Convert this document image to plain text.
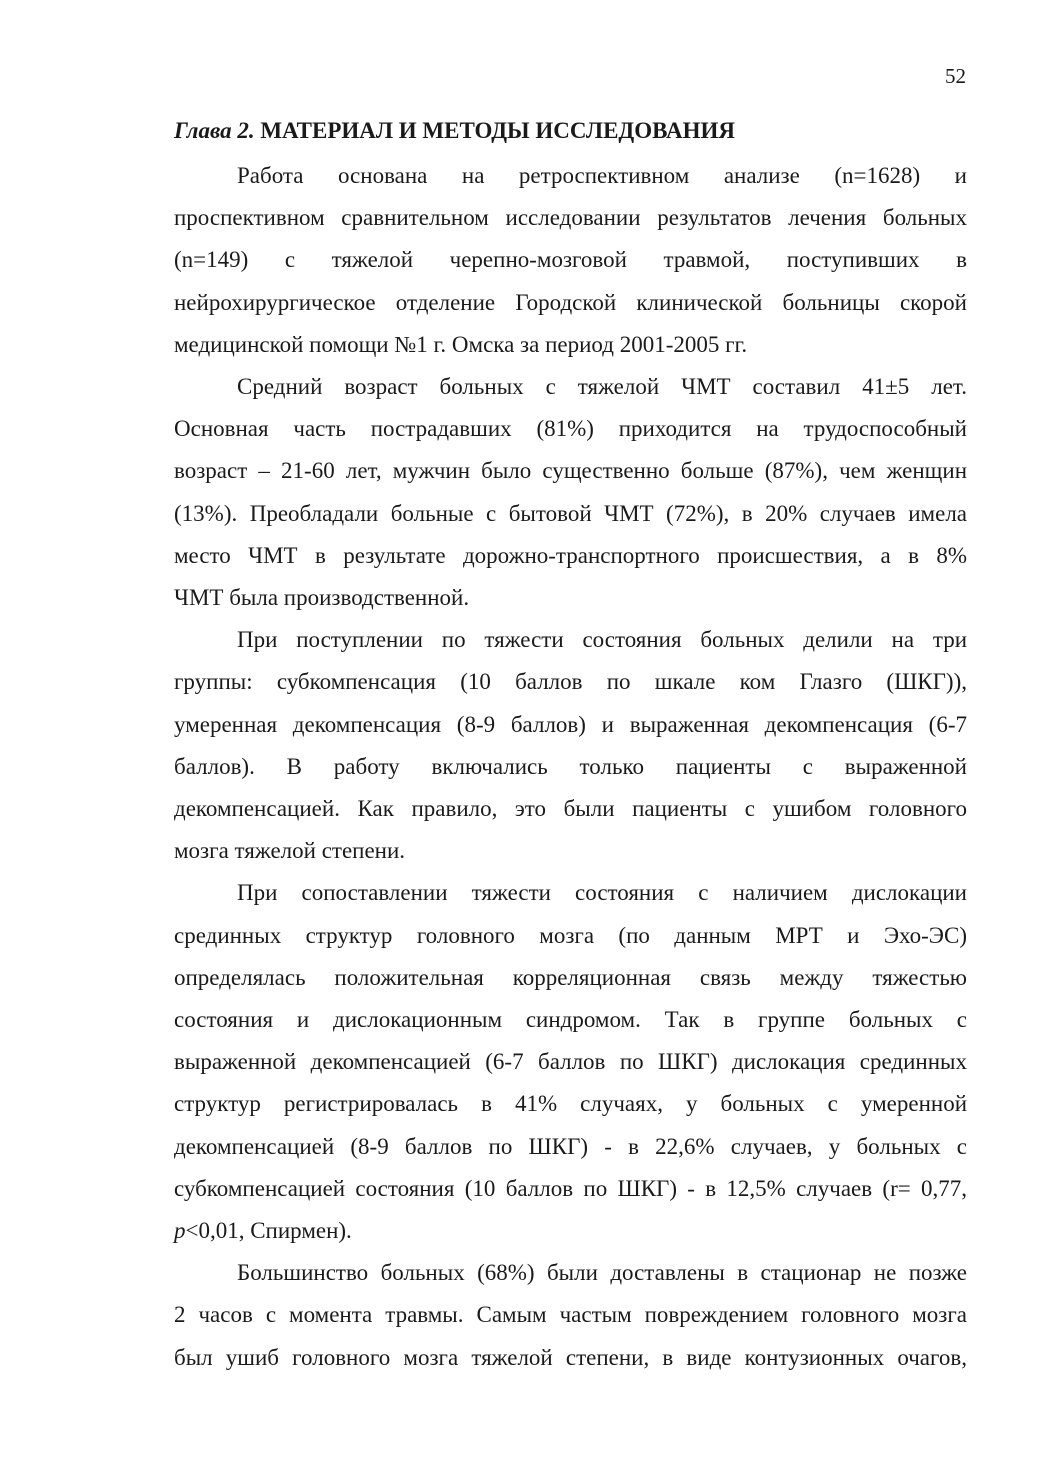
52
Глава 2. МАТЕРИАЛ И МЕТОДЫ ИССЛЕДОВАНИЯ

Работа основана на ретроспективном анализе (n=1628) и
проспективном сравнительном исследовании результатов лечения больных
(n=149) с тяжелой черепно-мозговой травмой, поступивших в
нейрохирургическое отделение Городской клинической больницы скорой
медицинской помощи №1 г. Омска за период 2001-2005 гг.

Средний возраст больных с тяжелой ЧМТ составил 41±5 лет.
Основная часть пострадавших (81%) приходится на трудоспособный
возраст – 21-60 лет, мужчин было существенно больше (87%), чем женщин
(13%). Преобладали больные с бытовой ЧМТ (72%), в 20% случаев имела
место ЧМТ в результате дорожно-транспортного происшествия, а в 8%
ЧМТ была производственной.

При поступлении по тяжести состояния больных делили на три
группы: субкомпенсация (10 баллов по шкале ком Глазго (ШКГ)),
умеренная декомпенсация (8-9 баллов) и выраженная декомпенсация (6-7
баллов). В работу включались только пациенты с выраженной
декомпенсацией. Как правило, это были пациенты с ушибом головного
мозга тяжелой степени.

При сопоставлении тяжести состояния с наличием дислокации
срединных структур головного мозга (по данным МРТ и Эхо-ЭС)
определялась положительная корреляционная связь между тяжестью
состояния и дислокационным синдромом. Так в группе больных с
выраженной декомпенсацией (6-7 баллов по ШКГ) дислокация срединных
структур регистрировалась в 41% случаях, у больных с умеренной
декомпенсацией (8-9 баллов по ШКГ) - в 22,6% случаев, у больных с
субкомпенсацией состояния (10 баллов по ШКГ) - в 12,5% случаев (r= 0,77,
p<0,01, Спирмен).

Большинство больных (68%) были доставлены в стационар не позже
2 часов с момента травмы. Самым частым повреждением головного мозга
был ушиб головного мозга тяжелой степени, в виде контузионных очагов,
